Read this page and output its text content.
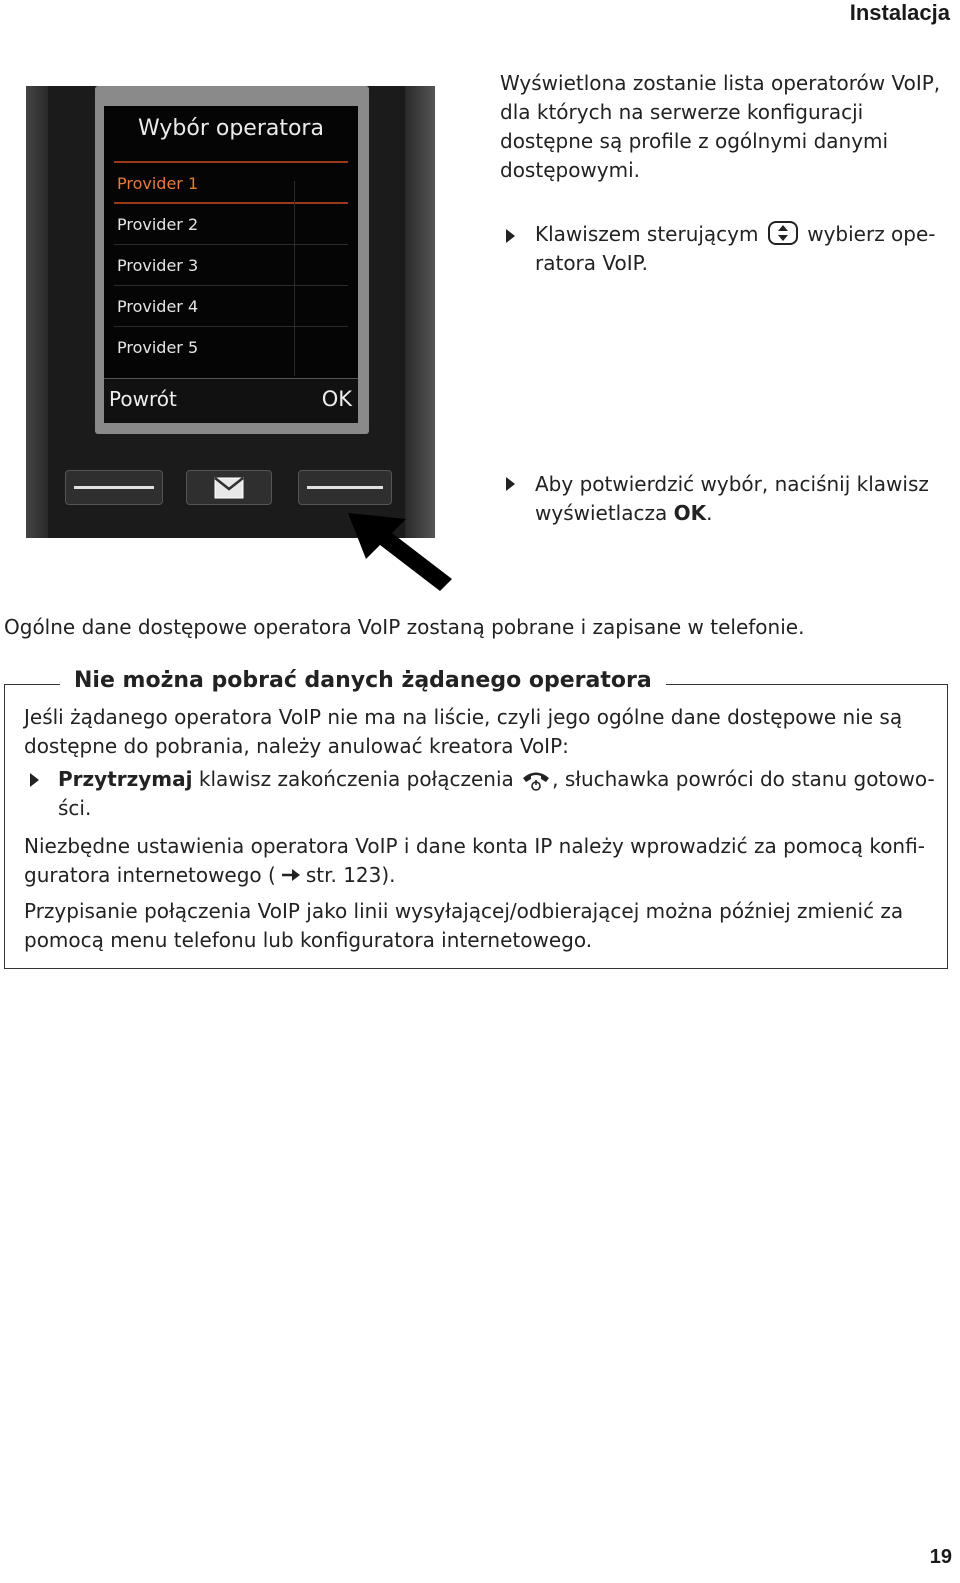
Instalacja
Wybór operatora
Provider 1
Provider 2
Provider 3
Provider 4
Provider 5
Powrót	OK
Wyświetlona zostanie lista operatorów VoIP, dla których na serwerze konfiguracji dostępne są profile z ogólnymi danymi dostępowymi.
Klawiszem sterującym wybierz ope-
ratora VoIP.
Aby potwierdzić wybór, naciśnij klawisz
wyświetlacza OK.
Ogólne dane dostępowe operatora VoIP zostaną pobrane i zapisane w telefonie.
Nie można pobrać danych żądanego operatora
Jeśli żądanego operatora VoIP nie ma na liście, czyli jego ogólne dane dostępowe nie są
dostępne do pobrania, należy anulować kreatora VoIP:
Przytrzymaj klawisz zakończenia połączenia , słuchawka powróci do stanu gotowo-
ści.
Niezbędne ustawienia operatora VoIP i dane konta IP należy wprowadzić za pomocą konfi-
guratora internetowego ( str. 123).
Przypisanie połączenia VoIP jako linii wysyłającej/odbierającej można później zmienić za
pomocą menu telefonu lub konfiguratora internetowego.
19
